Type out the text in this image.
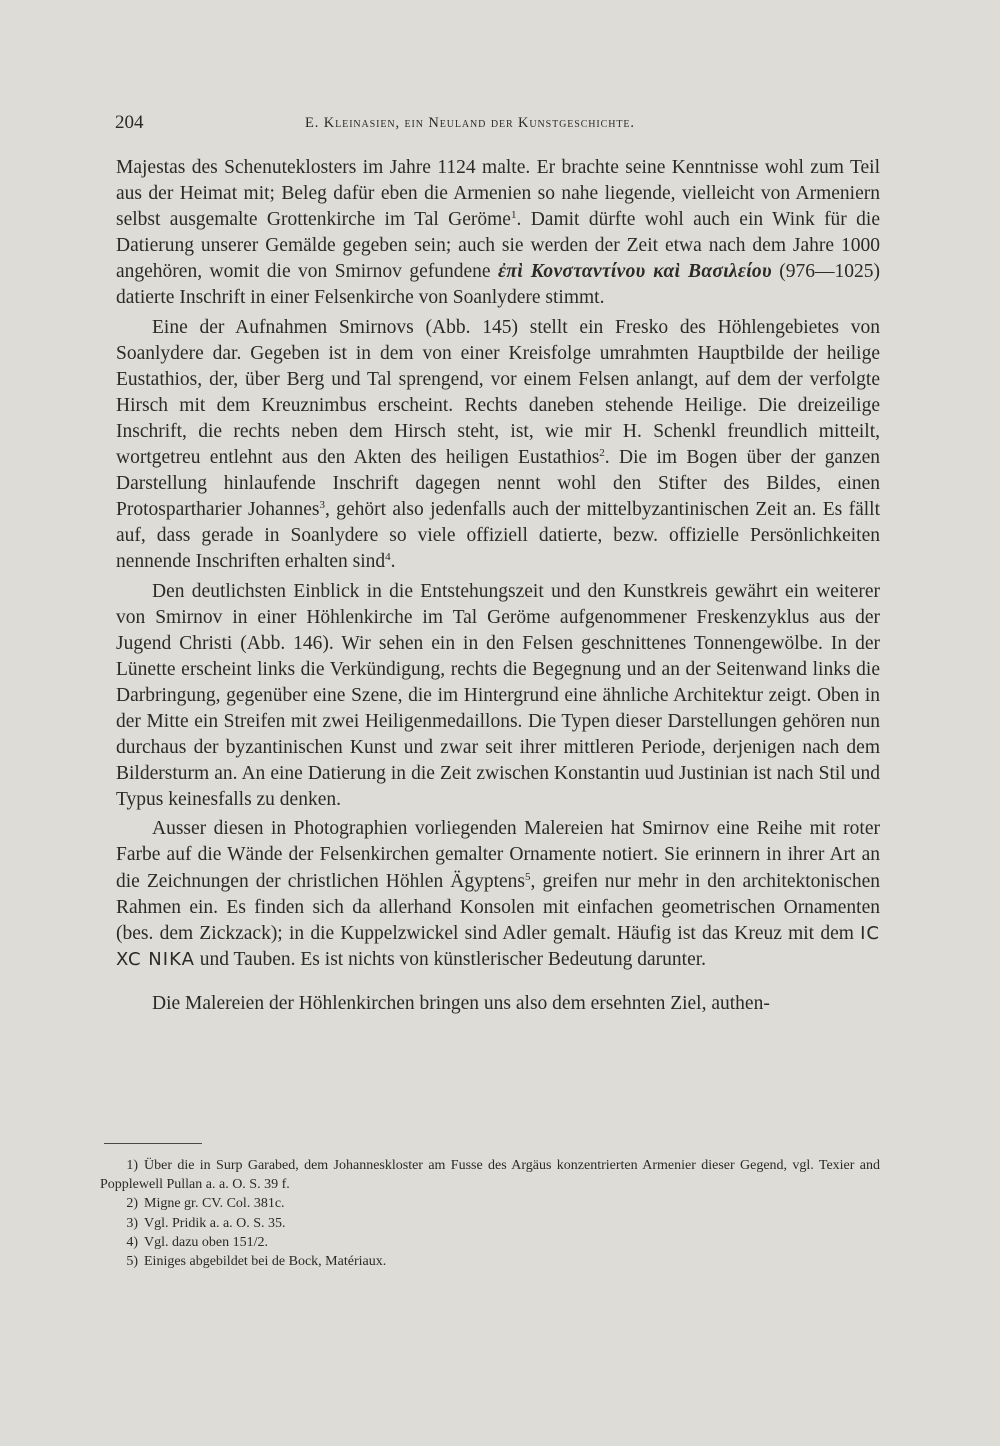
204	E. Kleinasien, ein Neuland der Kunstgeschichte.

Majestas des Schenuteklosters im Jahre 1124 malte. Er brachte seine Kenntnisse wohl zum Teil aus der Heimat mit; Beleg dafür eben die Armenien so nahe liegende, vielleicht von Armeniern selbst ausgemalte Grottenkirche im Tal Geröme$^1$. Damit dürfte wohl auch ein Wink für die Datierung unserer Gemälde gegeben sein; auch sie werden der Zeit etwa nach dem Jahre 1000 angehören, womit die von Smirnov gefundene ἐπὶ Κονσταντίνου καὶ Βασιλείου (976—1025) datierte Inschrift in einer Felsenkirche von Soanlydere stimmt.

Eine der Aufnahmen Smirnovs (Abb. 145) stellt ein Fresko des Höhlengebietes von Soanlydere dar. Gegeben ist in dem von einer Kreisfolge umrahmten Hauptbilde der heilige Eustathios, der, über Berg und Tal sprengend, vor einem Felsen anlangt, auf dem der verfolgte Hirsch mit dem Kreuznimbus erscheint. Rechts daneben stehende Heilige. Die dreizeilige Inschrift, die rechts neben dem Hirsch steht, ist, wie mir H. Schenkl freundlich mitteilt, wortgetreu entlehnt aus den Akten des heiligen Eustathios$^2$. Die im Bogen über der ganzen Darstellung hinlaufende Inschrift dagegen nennt wohl den Stifter des Bildes, einen Protospartharier Johannes$^3$, gehört also jedenfalls auch der mittelbyzantinischen Zeit an. Es fällt auf, dass gerade in Soanlydere so viele offiziell datierte, bezw. offizielle Persönlichkeiten nennende Inschriften erhalten sind$^4$.

Den deutlichsten Einblick in die Entstehungszeit und den Kunstkreis gewährt ein weiterer von Smirnov in einer Höhlenkirche im Tal Geröme aufgenommener Freskenzyklus aus der Jugend Christi (Abb. 146). Wir sehen ein in den Felsen geschnittenes Tonnengewölbe. In der Lünette erscheint links die Verkündigung, rechts die Begegnung und an der Seitenwand links die Darbringung, gegenüber eine Szene, die im Hintergrund eine ähnliche Architektur zeigt. Oben in der Mitte ein Streifen mit zwei Heiligenmedaillons. Die Typen dieser Darstellungen gehören nun durchaus der byzantinischen Kunst und zwar seit ihrer mittleren Periode, derjenigen nach dem Bildersturm an. An eine Datierung in die Zeit zwischen Konstantin uud Justinian ist nach Stil und Typus keinesfalls zu denken.

Ausser diesen in Photographien vorliegenden Malereien hat Smirnov eine Reihe mit roter Farbe auf die Wände der Felsenkirchen gemalter Ornamente notiert. Sie erinnern in ihrer Art an die Zeichnungen der christlichen Höhlen Ägyptens$^5$, greifen nur mehr in den architektonischen Rahmen ein. Es finden sich da allerhand Konsolen mit einfachen geometrischen Ornamenten (bes. dem Zickzack); in die Kuppelzwickel sind Adler gemalt. Häufig ist das Kreuz mit dem IC XC NIKA und Tauben. Es ist nichts von künstlerischer Bedeutung darunter.

Die Malereien der Höhlenkirchen bringen uns also dem ersehnten Ziel, authen-

1) Über die in Surp Garabed, dem Johanneskloster am Fusse des Argäus konzentrierten Armenier dieser Gegend, vgl. Texier and Popplewell Pullan a. a. O. S. 39 f.

2) Migne gr. CV. Col. 381c.

3) Vgl. Pridik a. a. O. S. 35.

4) Vgl. dazu oben 151/2.

5) Einiges abgebildet bei de Bock, Matériaux.
